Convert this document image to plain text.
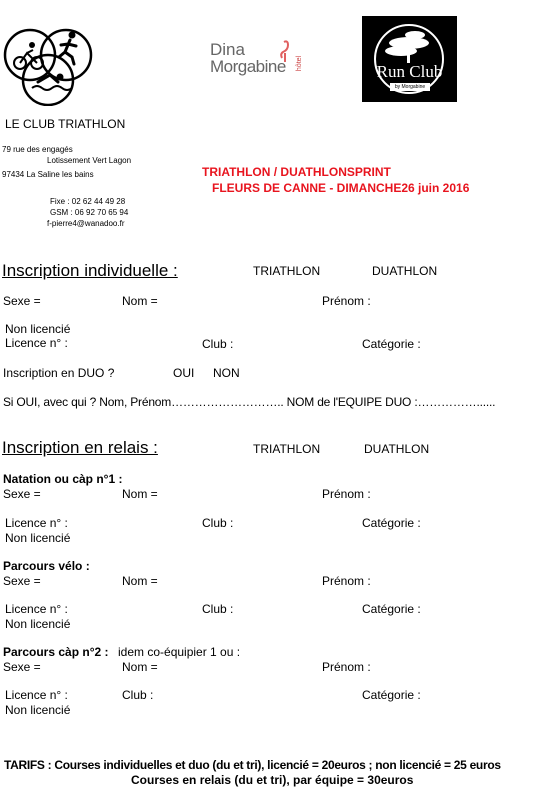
Dina
Morgabine hôtel	Run Club
by Morgabine
LE CLUB TRIATHLON
79 rue des engagés
Lotissement Vert Lagon
97434 La Saline les bains
Fixe : 02 62 44 49 28
GSM : 06 92 70 65 94
f-pierre4@wanadoo.fr
TRIATHLON / DUATHLONSPRINT
FLEURS DE CANNE - DIMANCHE26 juin 2016
Inscription individuelle :	TRIATHLON	DUATHLON
Sexe =	Nom =	Prénom :
Non licencié
Licence n° :	Club :	Catégorie :
Inscription en DUO ?	OUI NON
Si OUI, avec qui ? Nom, Prénom……………………….. NOM de l'EQUIPE DUO :……………......
Inscription en relais :	TRIATHLON	DUATHLON
Natation ou càp n°1 :
Sexe =	Nom =	Prénom :
Licence n° :	Club :	Catégorie :
Non licencié
Parcours vélo :
Sexe =	Nom =	Prénom :
Licence n° :	Club :	Catégorie :
Non licencié
Parcours càp n°2 : idem co-équipier 1 ou :
Sexe =	Nom =	Prénom :
Licence n° :	Club :	Catégorie :
Non licencié
TARIFS : Courses individuelles et duo (du et tri), licencié = 20euros ; non licencié = 25 euros
Courses en relais (du et tri), par équipe = 30euros
